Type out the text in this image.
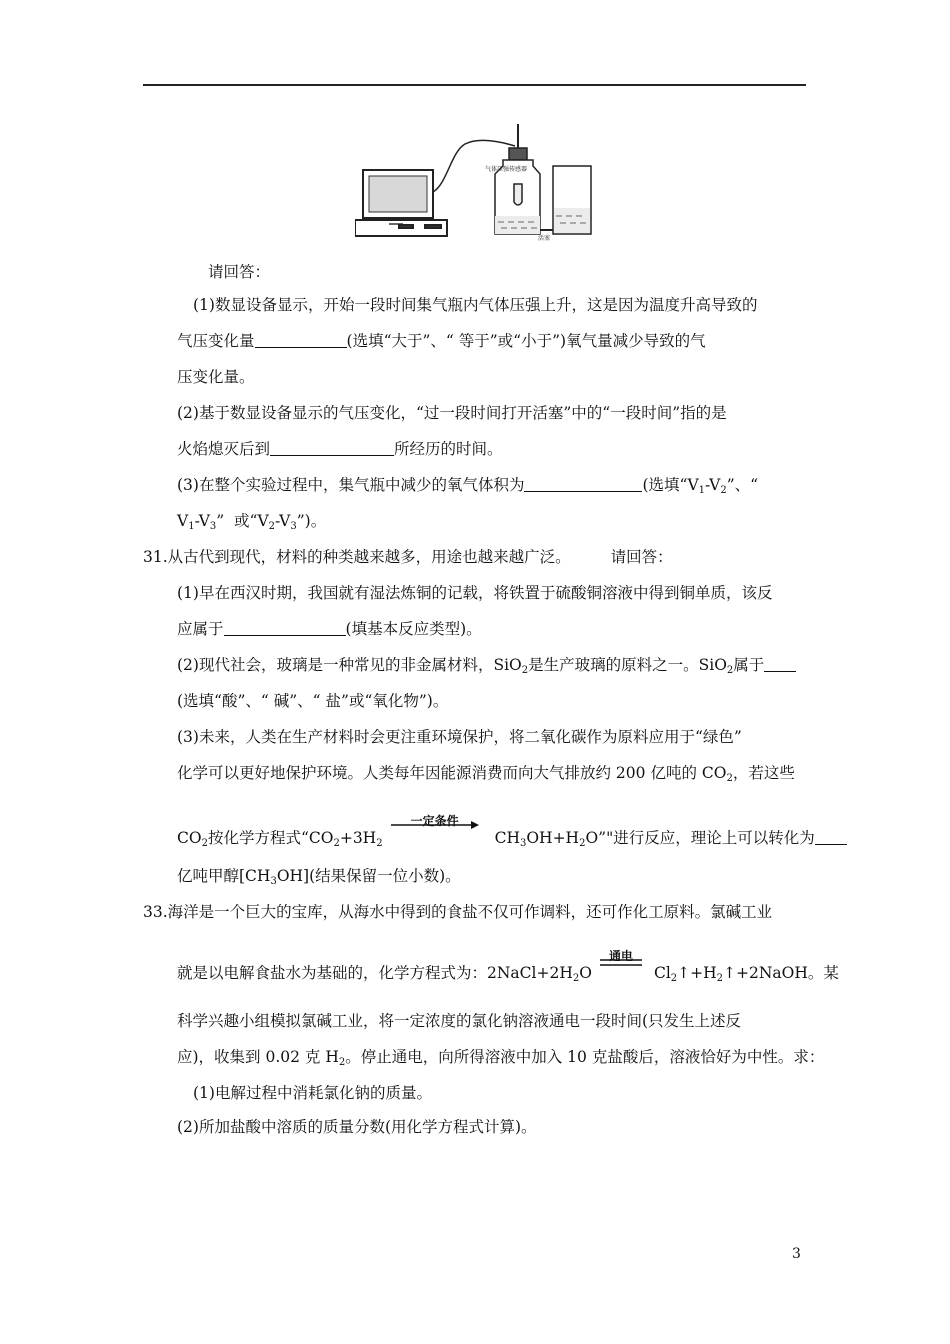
气体压强传感器
活塞
请回答：
(1)数显设备显示，开始一段时间集气瓶内气体压强上升，这是因为温度升高导致的
气压变化量	(选填“大于”、“ 等于”或“小于”)氧气量减少导致的气
压变化量。
(2)基于数显设备显示的气压变化，“过一段时间打开活塞”中的“一段时间”指的是
火焰熄灭后到	所经历的时间。
(3)在整个实验过程中，集气瓶中减少的氧气体积为	(选填“$V_1-V_2$”、“
$V_1-V_3$”  或“$V_2-V_3$”)。
31.从古代到现代，材料的种类越来越多，用途也越来越广泛。	请回答：
(1)早在西汉时期，我国就有湿法炼铜的记载，将铁置于硫酸铜溶液中得到铜单质，该反
应属于	(填基本反应类型)。
(2)现代社会，玻璃是一种常见的非金属材料，SiO$_2$是生产玻璃的原料之一。SiO$_2$属于
(选填“酸”、“ 碱”、“ 盐”或“氧化物”)。
(3)未来，人类在生产材料时会更注重环境保护，将二氧化碳作为原料应用于“绿色”
化学可以更好地保护环境。人类每年因能源消费而向大气排放约 200 亿吨的 $CO_2$，若这些
$CO_2$按化学方程式“$CO_2+3H_2$
一定条件
$CH_3OH+H_2O$”"进行反应，理论上可以转化为
亿吨甲醇$[CH_3OH]$(结果保留一位小数)。
33.海洋是一个巨大的宝库，从海水中得到的食盐不仅可作调料，还可作化工原料。氯碱工业
就是以电解食盐水为基础的，化学方程式为：$2NaCl+2H_2O$
通电
$Cl_2↑+H_2↑+2NaOH$。某
科学兴趣小组模拟氯碱工业，将一定浓度的氯化钠溶液通电一段时间(只发生上述反
应)，收集到 0.02 克 $H_2$。停止通电，向所得溶液中加入 10 克盐酸后，溶液恰好为中性。求：
(1)电解过程中消耗氯化钠的质量。
(2)所加盐酸中溶质的质量分数(用化学方程式计算)。
3
